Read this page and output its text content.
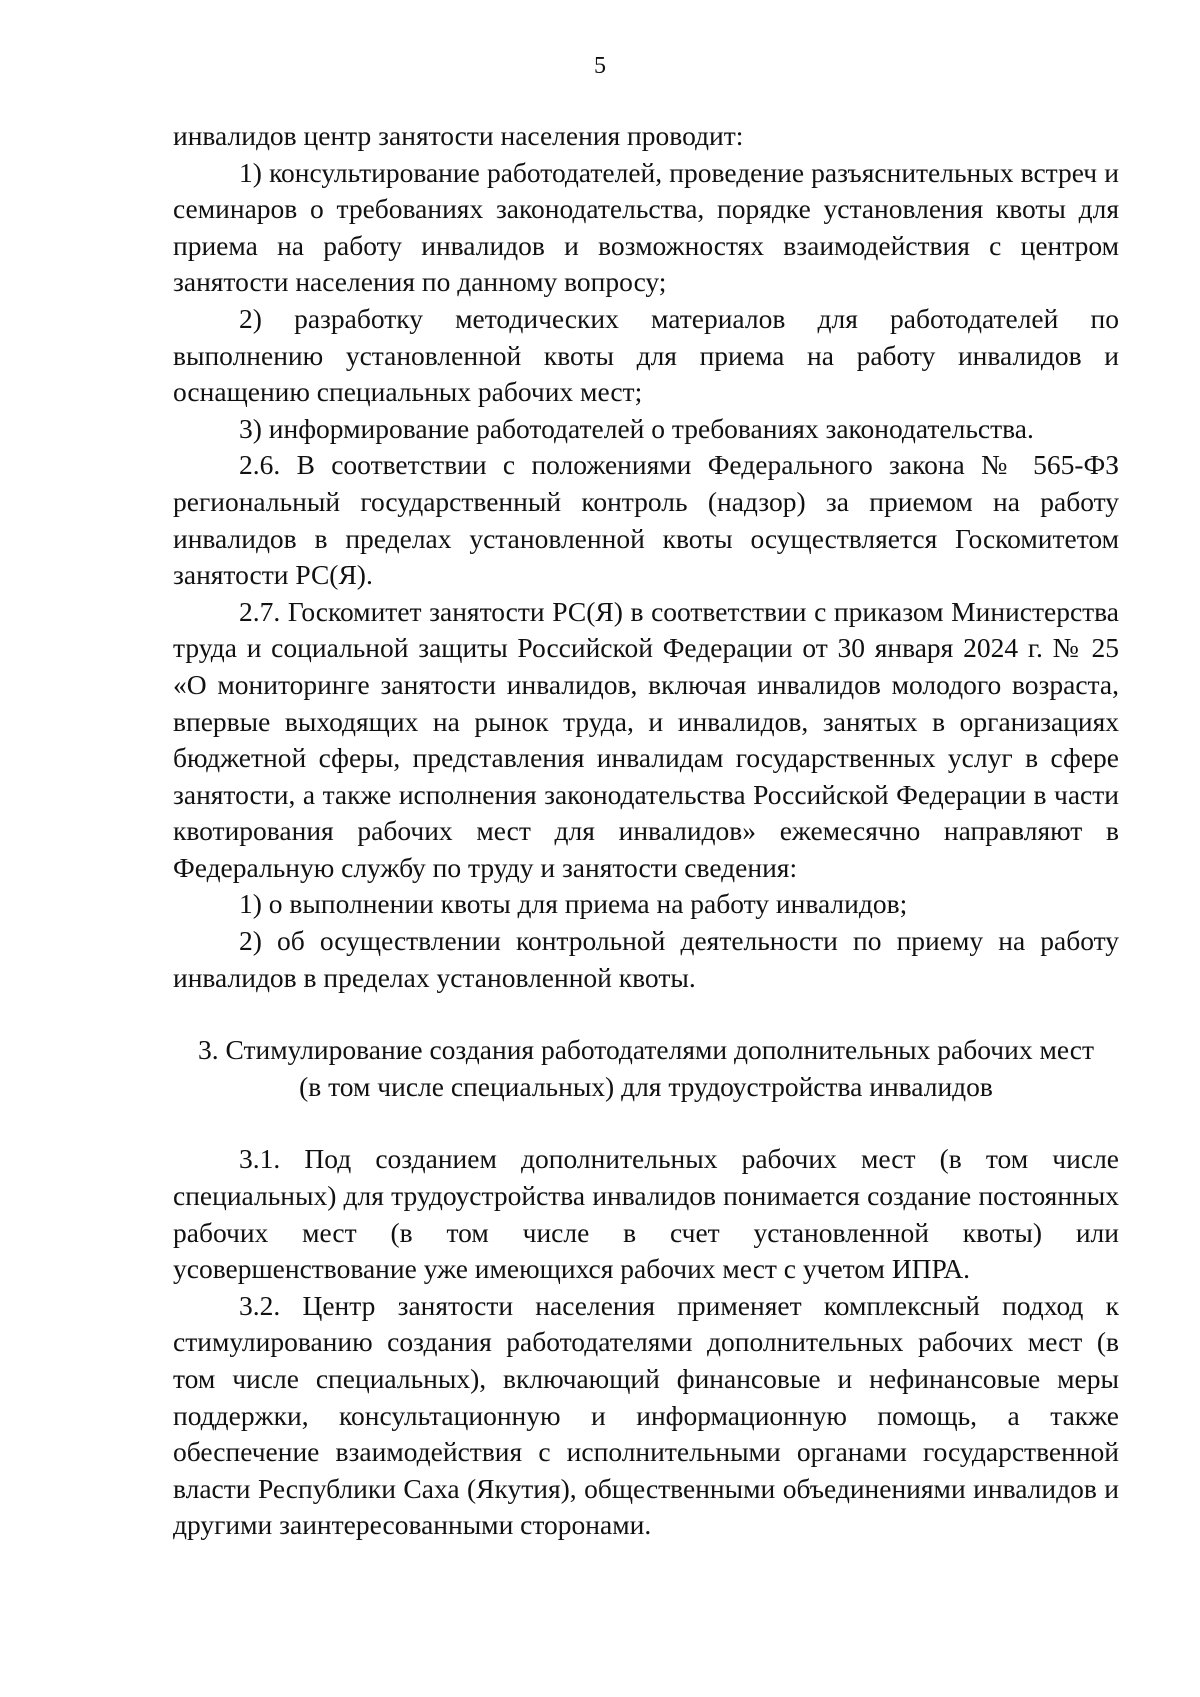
5

инвалидов центр занятости населения проводит:

1) консультирование работодателей, проведение разъяснительных встреч и семинаров о требованиях законодательства, порядке установления квоты для приема на работу инвалидов и возможностях взаимодействия с центром занятости населения по данному вопросу;

2) разработку методических материалов для работодателей по выполнению установленной квоты для приема на работу инвалидов и оснащению специальных рабочих мест;

3) информирование работодателей о требованиях законодательства.

2.6. В соответствии с положениями Федерального закона № 565-ФЗ региональный государственный контроль (надзор) за приемом на работу инвалидов в пределах установленной квоты осуществляется Госкомитетом занятости РС(Я).

2.7. Госкомитет занятости РС(Я) в соответствии с приказом Министерства труда и социальной защиты Российской Федерации от 30 января 2024 г. № 25 «О мониторинге занятости инвалидов, включая инвалидов молодого возраста, впервые выходящих на рынок труда, и инвалидов, занятых в организациях бюджетной сферы, представления инвалидам государственных услуг в сфере занятости, а также исполнения законодательства Российской Федерации в части квотирования рабочих мест для инвалидов» ежемесячно направляют в Федеральную службу по труду и занятости сведения:

1) о выполнении квоты для приема на работу инвалидов;

2) об осуществлении контрольной деятельности по приему на работу инвалидов в пределах установленной квоты.

3. Стимулирование создания работодателями дополнительных рабочих мест
(в том числе специальных) для трудоустройства инвалидов

3.1. Под созданием дополнительных рабочих мест (в том числе специальных) для трудоустройства инвалидов понимается создание постоянных рабочих мест (в том числе в счет установленной квоты) или усовершенствование уже имеющихся рабочих мест с учетом ИПРА.

3.2. Центр занятости населения применяет комплексный подход к стимулированию создания работодателями дополнительных рабочих мест (в том числе специальных), включающий финансовые и нефинансовые меры поддержки, консультационную и информационную помощь, а также обеспечение взаимодействия с исполнительными органами государственной власти Республики Саха (Якутия), общественными объединениями инвалидов и другими заинтересованными сторонами.
